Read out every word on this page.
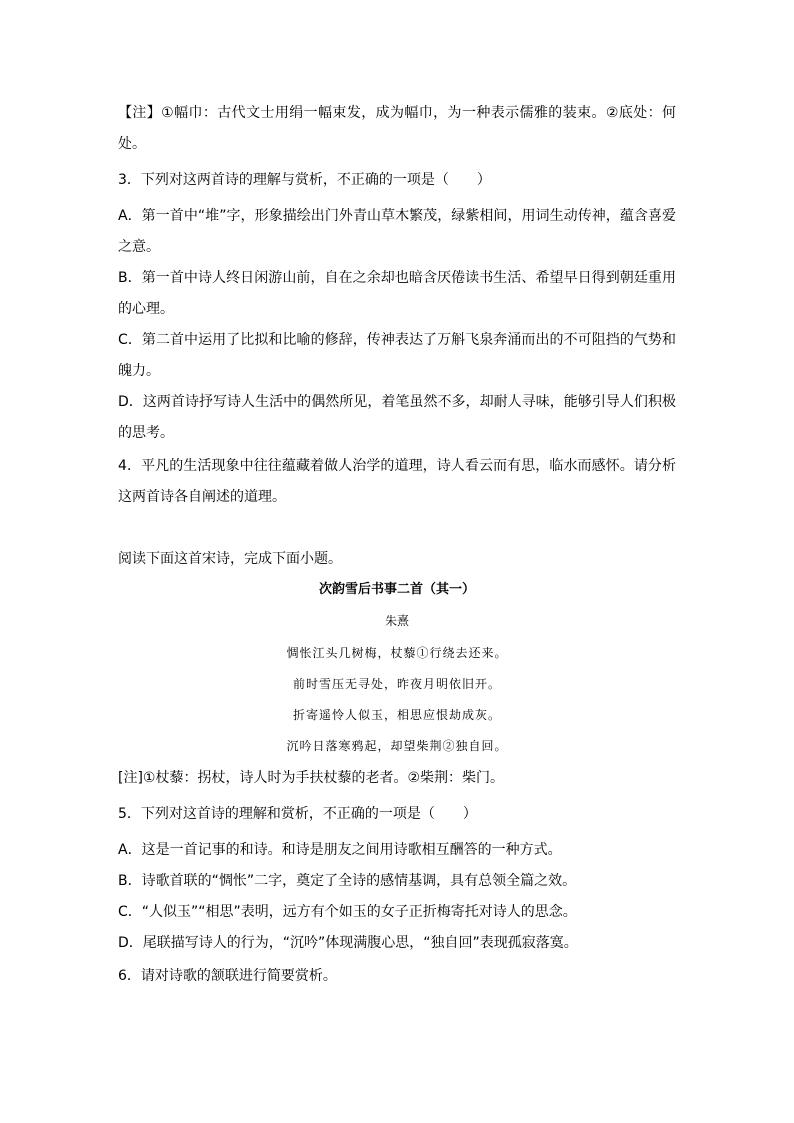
【注】①幅巾：古代文士用绢一幅束发，成为幅巾，为一种表示儒雅的装束。②底处：何
处。
3．下列对这两首诗的理解与赏析，不正确的一项是（　　）
A．第一首中“堆”字，形象描绘出门外青山草木繁茂，绿紫相间，用词生动传神，蕴含喜爱
之意。
B．第一首中诗人终日闲游山前，自在之余却也暗含厌倦读书生活、希望早日得到朝廷重用
的心理。
C．第二首中运用了比拟和比喻的修辞，传神表达了万斛飞泉奔涌而出的不可阻挡的气势和
魄力。
D．这两首诗抒写诗人生活中的偶然所见，着笔虽然不多，却耐人寻味，能够引导人们积极
的思考。
4．平凡的生活现象中往往蕴藏着做人治学的道理，诗人看云而有思，临水而感怀。请分析
这两首诗各自阐述的道理。
阅读下面这首宋诗，完成下面小题。
次韵雪后书事二首（其一）
朱熹
惆怅江头几树梅，杖藜①行绕去还来。
前时雪压无寻处，昨夜月明依旧开。
折寄遥怜人似玉，相思应恨劫成灰。
沉吟日落寒鸦起，却望柴荆②独自回。
[注]①杖藜：拐杖，诗人时为手扶杖藜的老者。②柴荆：柴门。
5．下列对这首诗的理解和赏析，不正确的一项是（　　）
A．这是一首记事的和诗。和诗是朋友之间用诗歌相互酬答的一种方式。
B．诗歌首联的“惆怅”二字，奠定了全诗的感情基调，具有总领全篇之效。
C．“人似玉”“相思”表明，远方有个如玉的女子正折梅寄托对诗人的思念。
D．尾联描写诗人的行为，“沉吟”体现满腹心思，“独自回”表现孤寂落寞。
6．请对诗歌的颔联进行简要赏析。
